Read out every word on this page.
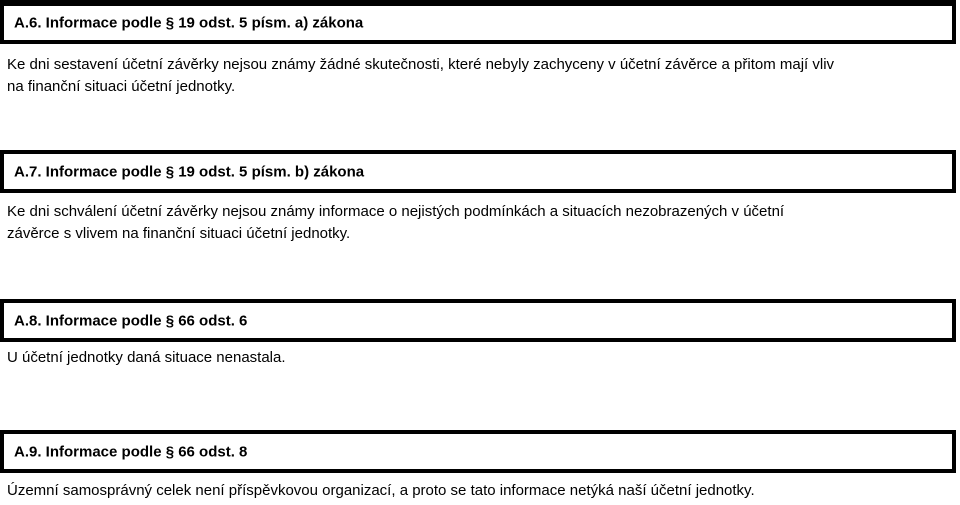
A.6. Informace podle § 19 odst. 5 písm. a) zákona

Ke dni sestavení účetní závěrky nejsou známy žádné skutečnosti, které nebyly zachyceny v účetní závěrce a přitom mají vliv
na finanční situaci účetní jednotky.

A.7. Informace podle § 19 odst. 5 písm. b) zákona

Ke dni schválení účetní závěrky nejsou známy informace o nejistých podmínkách a situacích nezobrazených v účetní
závěrce s vlivem na finanční situaci účetní jednotky.

A.8. Informace podle § 66 odst. 6

U účetní jednotky daná situace nenastala.

A.9. Informace podle § 66 odst. 8

Územní samosprávný celek není příspěvkovou organizací, a proto se tato informace netýká naší účetní jednotky.
